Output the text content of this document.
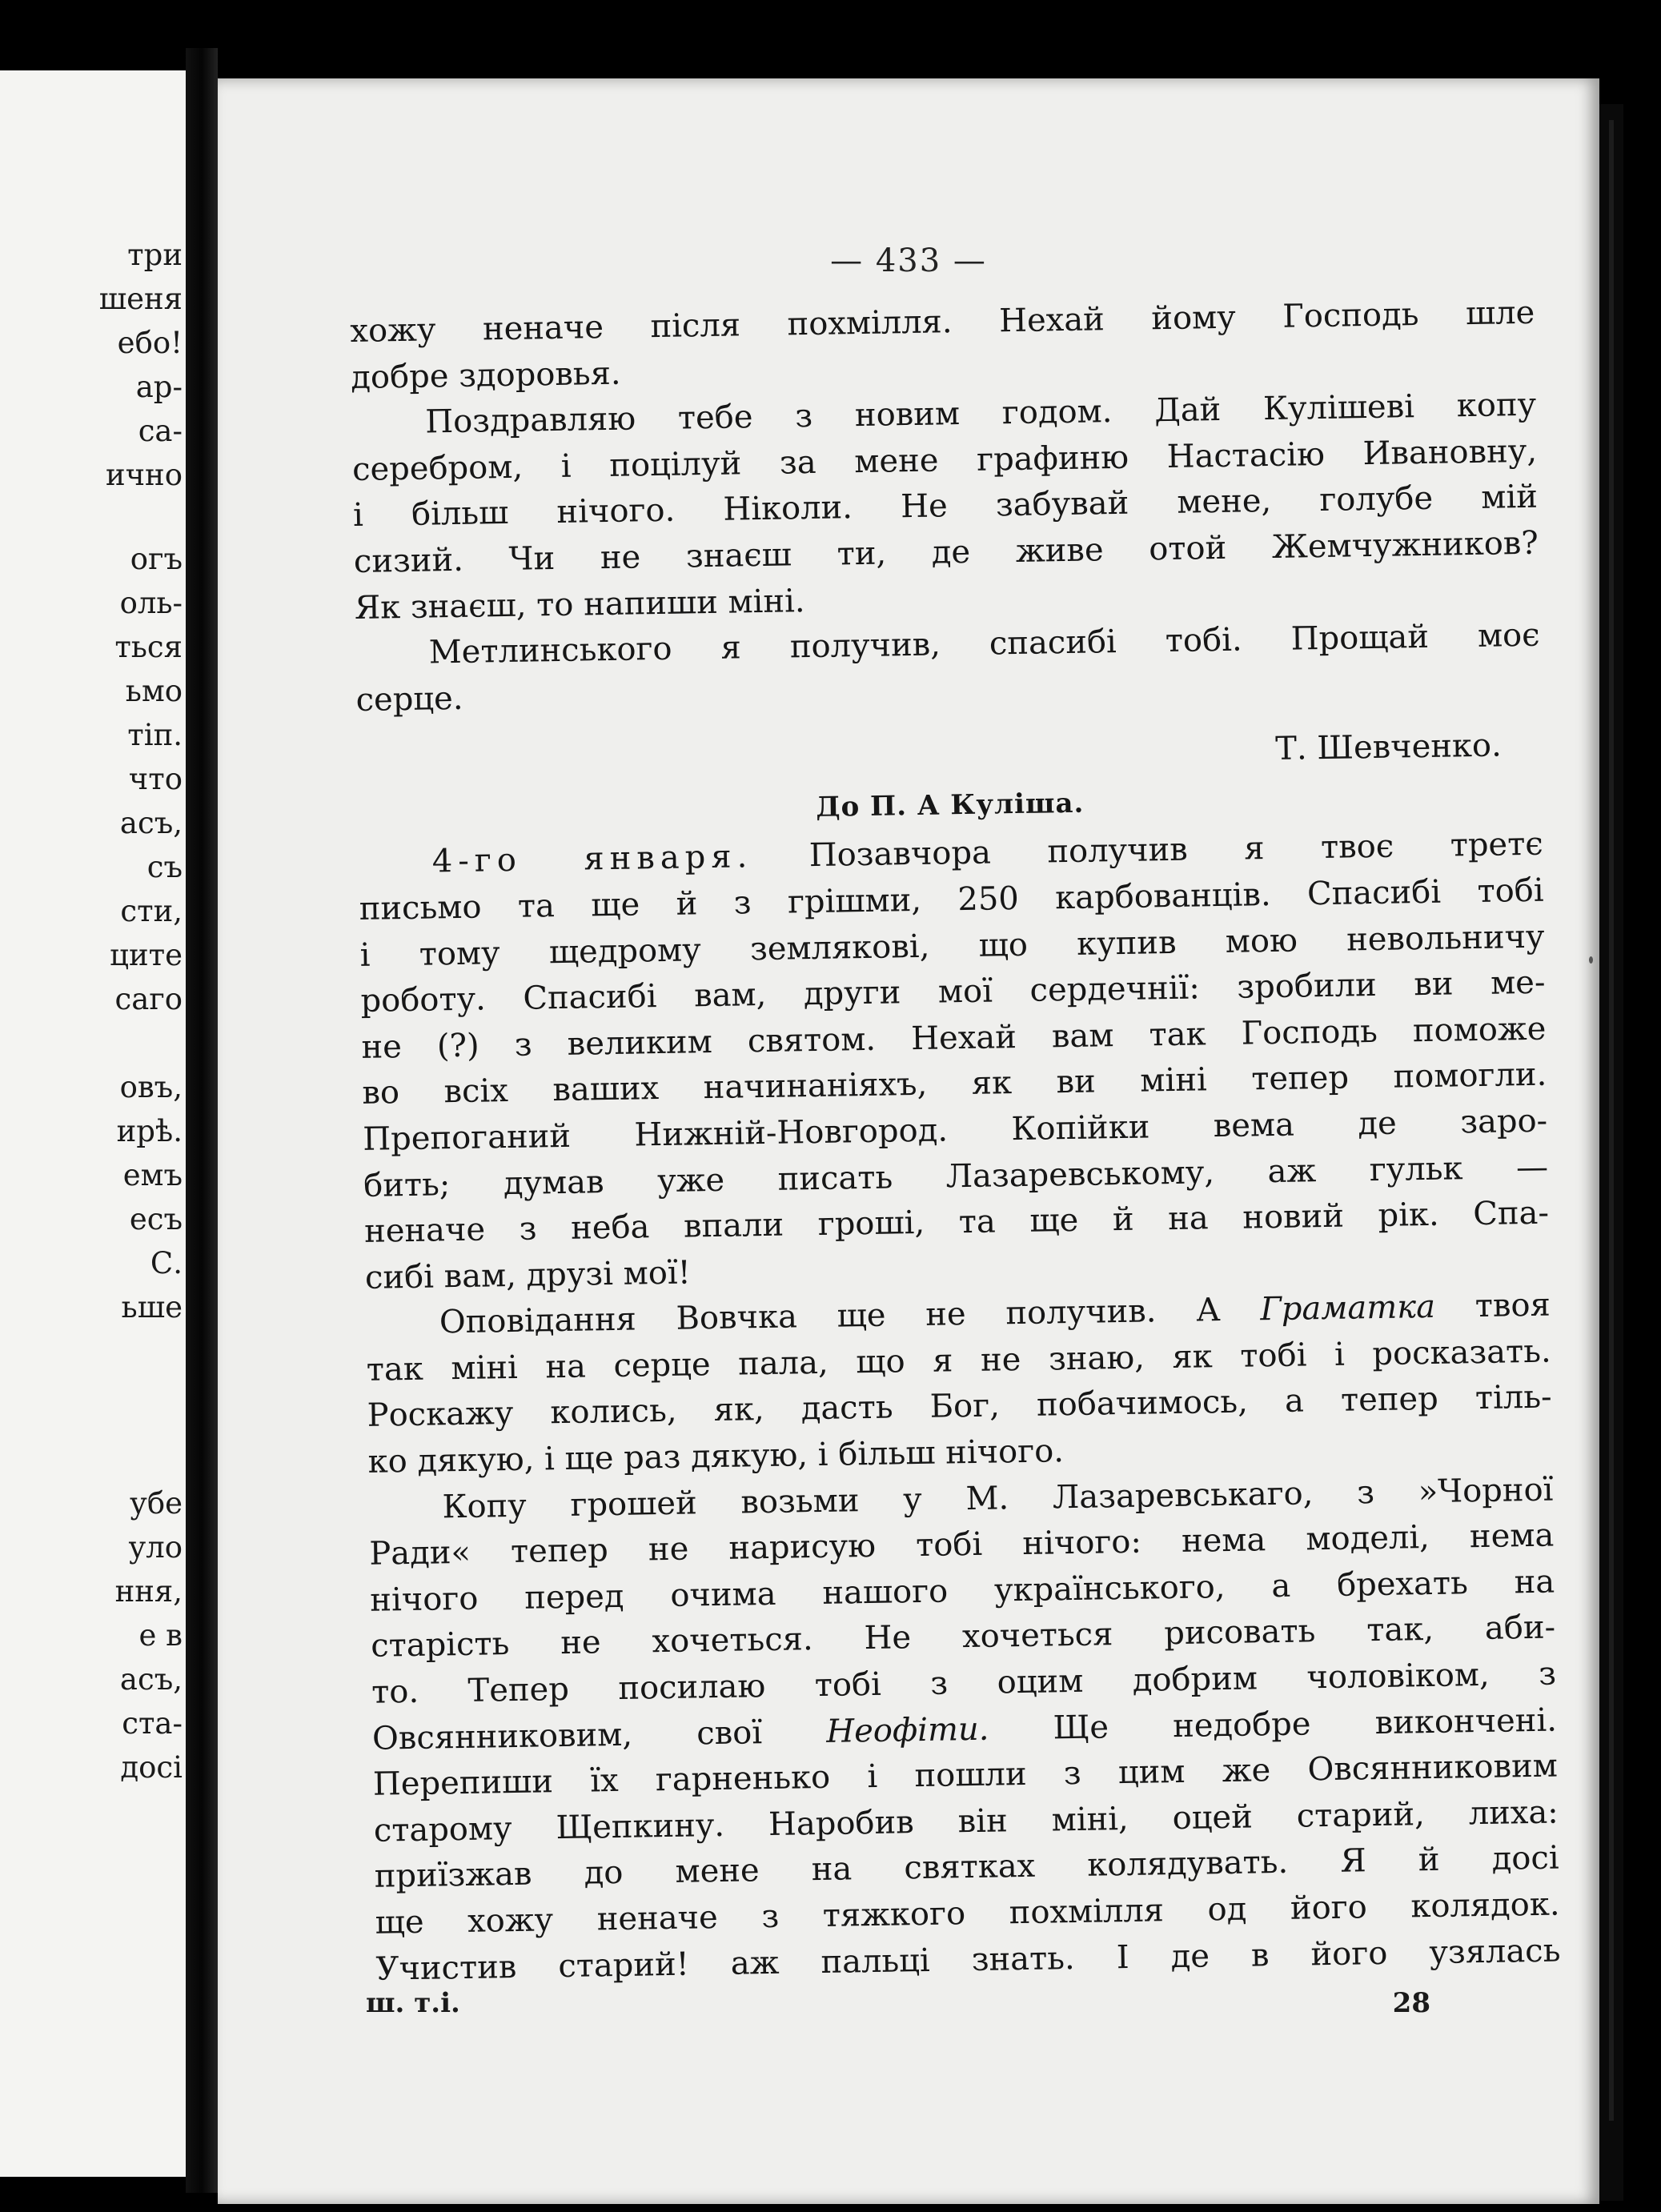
три
шеня
ебо!
ар-
са-
ично
огъ
оль-
ться
ьмо
тіп.
что
асъ,
съ
сти,
ците
саго
овъ,
ирѣ.
емъ
есъ
С.
ьше
убе
уло
ння,
е в
асъ,
ста-
досі
— 433 —
хожу неначе після похмілля. Нехай йому Господь шле
добре здоровья.
Поздравляю тебе з новим годом. Дай Кулішеві копу
серебром, і поцілуй за мене графиню Настасію Ивановну,
і більш нічого. Ніколи. Не забувай мене, голубе мій
сизий. Чи не знаєш ти, де живе отой Жемчужников?
Як знаєш, то напиши міні.
Метлинського я получив, спасибі тобі. Прощай моє
серце.
Т. Шевченко.
До П. А Куліша.
4-го января. Позавчора получив я твоє третє
письмо та ще й з грішми, 250 карбованців. Спасибі тобі
і тому щедрому землякові, що купив мою невольничу
роботу. Спасибі вам, други мої сердечнії: зробили ви ме-
не (?) з великим святом. Нехай вам так Господь поможе
во всіх ваших начинаніяхъ, як ви міні тепер помогли.
Препоганий Нижній-Новгород. Копійки вема де заро-
бить; думав уже писать Лазаревському, аж гульк —
неначе з неба впали гроші, та ще й на новий рік. Спа-
сибі вам, друзі мої!
Оповідання Вовчка ще не получив. А Граматка твоя
так міні на серце пала, що я не знаю, як тобі і росказать.
Роскажу колись, як, дасть Бог, побачимось, а тепер тіль-
ко дякую, і ще раз дякую, і більш нічого.
Копу грошей возьми у М. Лазаревськаго, з »Чорної
Ради« тепер не нарисую тобі нічого: нема моделі, нема
нічого перед очима нашого українського, а брехать на
старість не хочеться. Не хочеться рисовать так, аби-
то. Тепер посилаю тобі з оцим добрим чоловіком, з
Овсянниковим, свої Неофіти. Ще недобре викончені.
Перепиши їх гарненько і пошли з цим же Овсянниковим
старому Щепкину. Наробив він міні, оцей старий, лиха:
приїзжав до мене на святках колядувать. Я й досі
ще хожу неначе з тяжкого похмілля од його колядок.
Учистив старий! аж пальці знать. І де в його узялась
ш. т.і.	28
